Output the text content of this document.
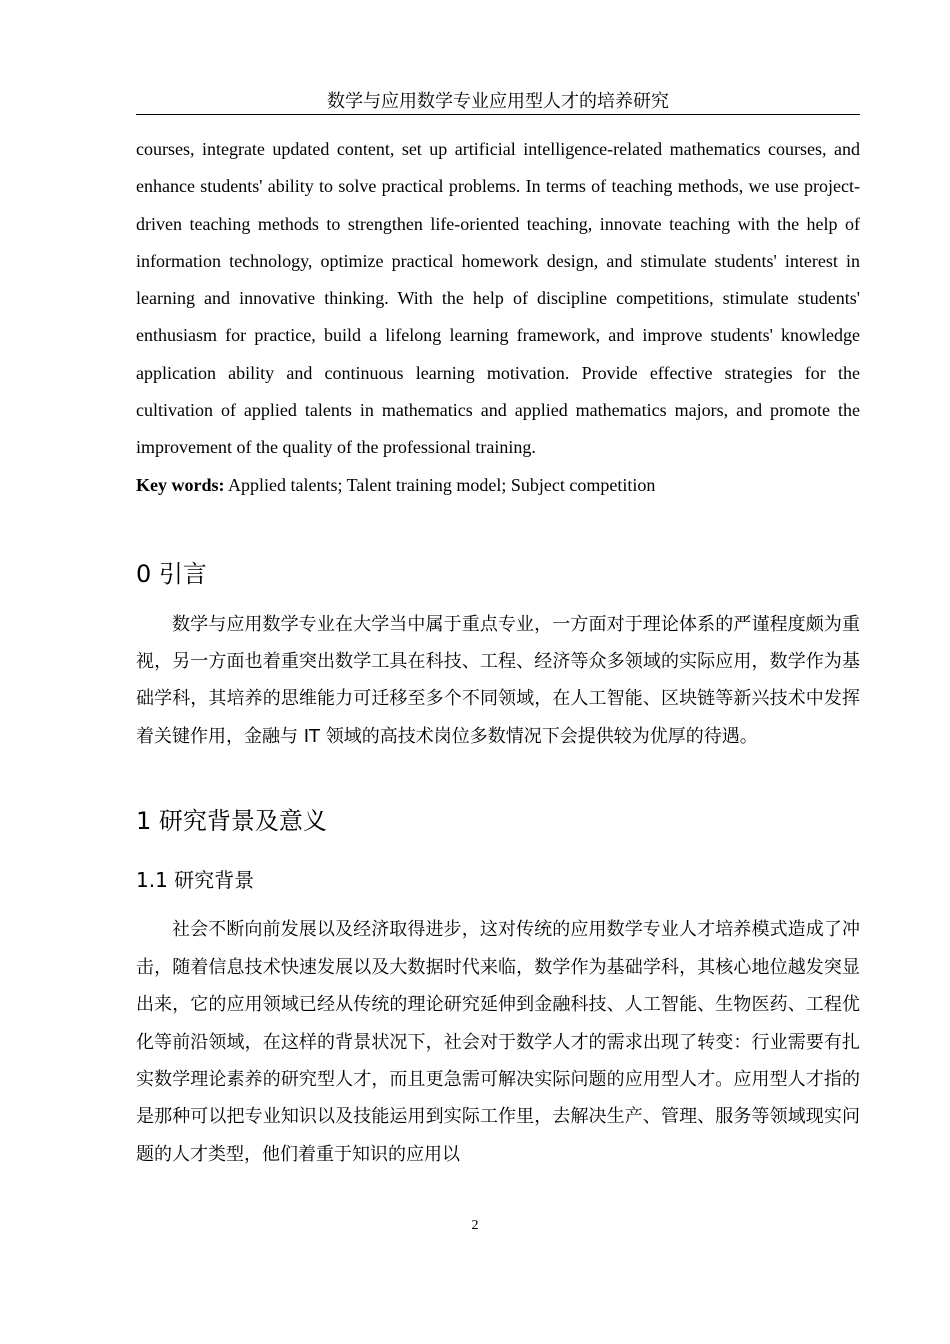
数学与应用数学专业应用型人才的培养研究

courses, integrate updated content, set up artificial intelligence-related mathematics courses, and enhance students' ability to solve practical problems. In terms of teaching methods, we use project-driven teaching methods to strengthen life-oriented teaching, innovate teaching with the help of information technology, optimize practical homework design, and stimulate students' interest in learning and innovative thinking. With the help of discipline competitions, stimulate students' enthusiasm for practice, build a lifelong learning framework, and improve students' knowledge application ability and continuous learning motivation. Provide effective strategies for the cultivation of applied talents in mathematics and applied mathematics majors, and promote the improvement of the quality of the professional training.

Key words: Applied talents; Talent training model; Subject competition

0 引言

数学与应用数学专业在大学当中属于重点专业，一方面对于理论体系的严谨程度颇为重视，另一方面也着重突出数学工具在科技、工程、经济等众多领域的实际应用，数学作为基础学科，其培养的思维能力可迁移至多个不同领域，在人工智能、区块链等新兴技术中发挥着关键作用，金融与 IT 领域的高技术岗位多数情况下会提供较为优厚的待遇。

1 研究背景及意义
1.1 研究背景

社会不断向前发展以及经济取得进步，这对传统的应用数学专业人才培养模式造成了冲击，随着信息技术快速发展以及大数据时代来临，数学作为基础学科，其核心地位越发突显出来，它的应用领域已经从传统的理论研究延伸到金融科技、人工智能、生物医药、工程优化等前沿领域，在这样的背景状况下，社会对于数学人才的需求出现了转变：行业需要有扎实数学理论素养的研究型人才，而且更急需可解决实际问题的应用型人才。应用型人才指的是那种可以把专业知识以及技能运用到实际工作里，去解决生产、管理、服务等领域现实问题的人才类型，他们着重于知识的应用以

2
